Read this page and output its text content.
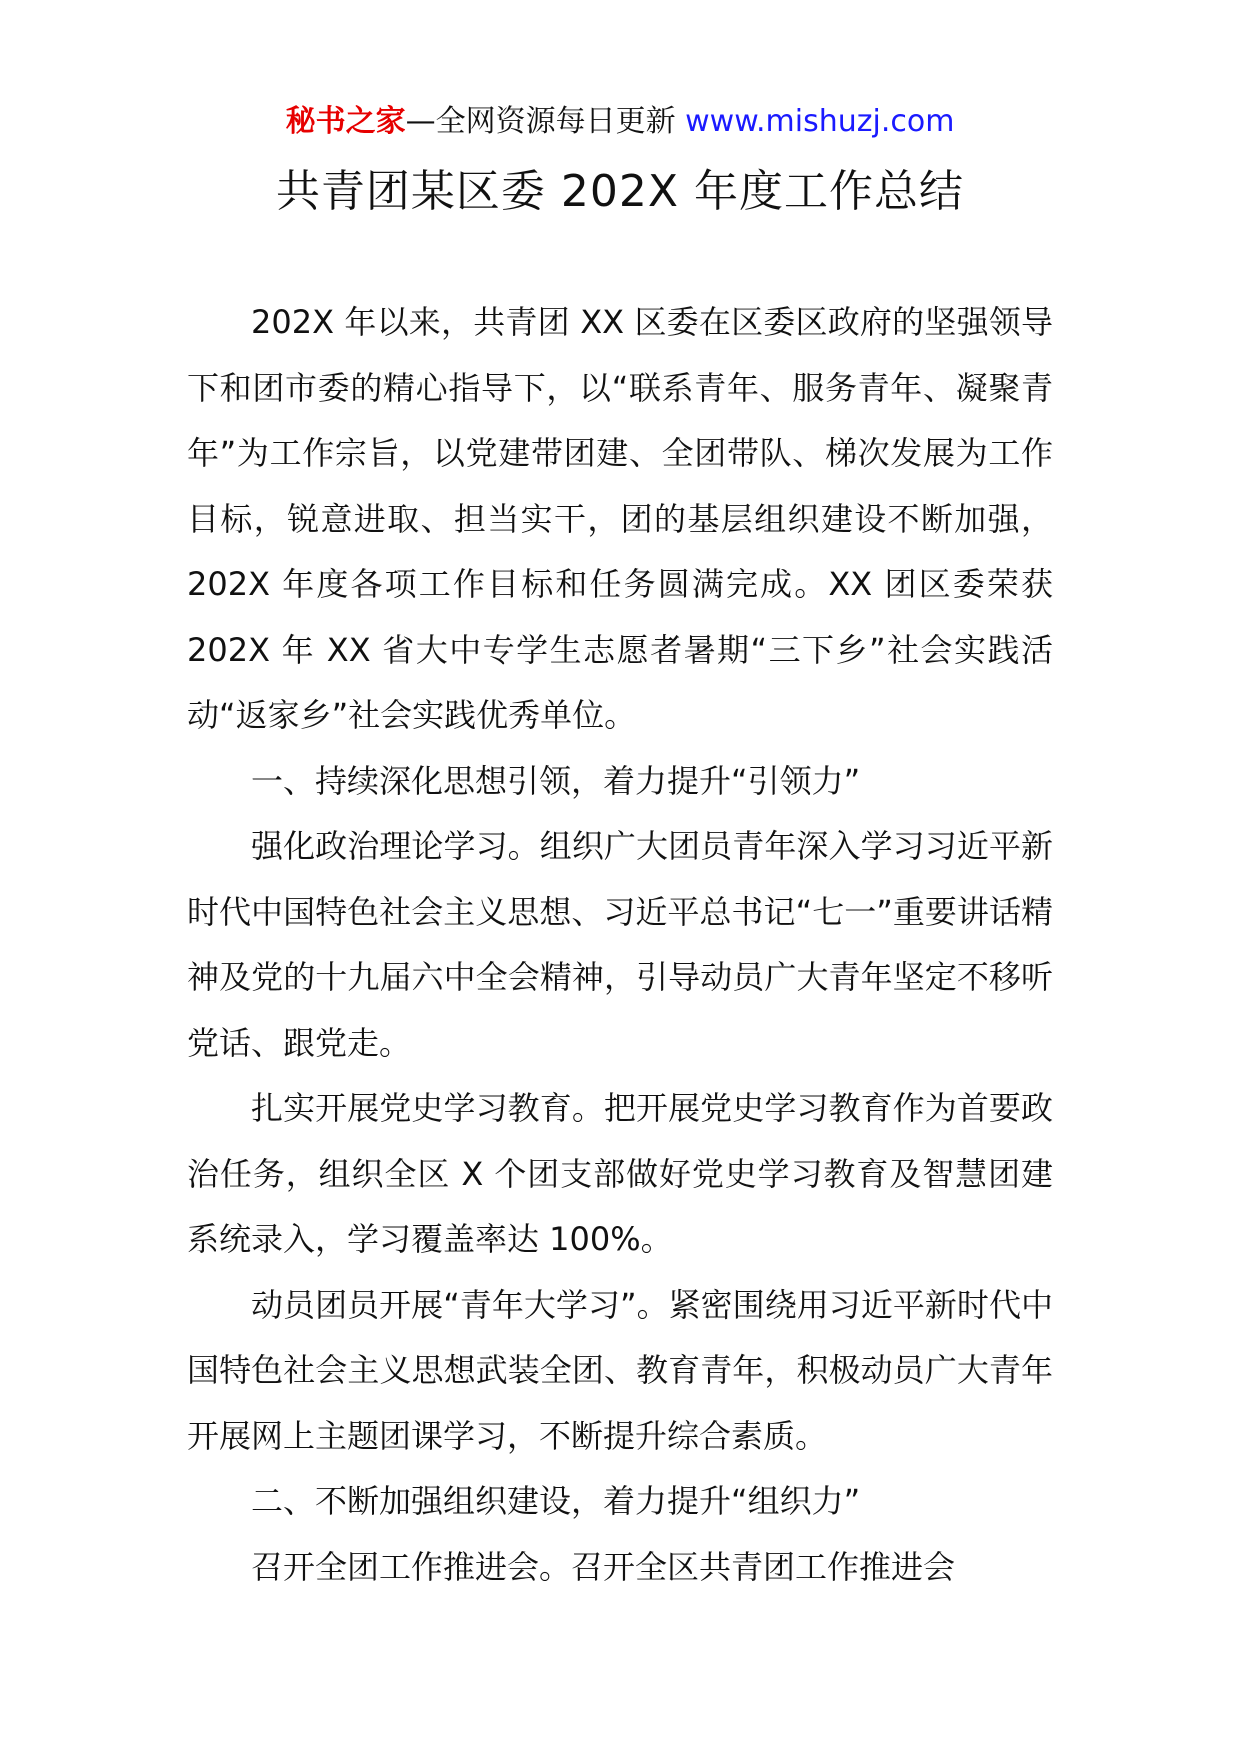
秘书之家—全网资源每日更新 www.mishuzj.com
共青团某区委 202X 年度工作总结

202X 年以来，共青团 XX 区委在区委区政府的坚强领导下和团市委的精心指导下，以“联系青年、服务青年、凝聚青年”为工作宗旨，以党建带团建、全团带队、梯次发展为工作目标，锐意进取、担当实干，团的基层组织建设不断加强，202X 年度各项工作目标和任务圆满完成。XX 团区委荣获 202X 年 XX 省大中专学生志愿者暑期“三下乡”社会实践活动“返家乡”社会实践优秀单位。

一、持续深化思想引领，着力提升“引领力”

强化政治理论学习。组织广大团员青年深入学习习近平新时代中国特色社会主义思想、习近平总书记“七一”重要讲话精神及党的十九届六中全会精神，引导动员广大青年坚定不移听党话、跟党走。

扎实开展党史学习教育。把开展党史学习教育作为首要政治任务，组织全区 X 个团支部做好党史学习教育及智慧团建系统录入，学习覆盖率达 100%。

动员团员开展“青年大学习”。紧密围绕用习近平新时代中国特色社会主义思想武装全团、教育青年，积极动员广大青年开展网上主题团课学习，不断提升综合素质。

二、不断加强组织建设，着力提升“组织力”

召开全团工作推进会。召开全区共青团工作推进会
